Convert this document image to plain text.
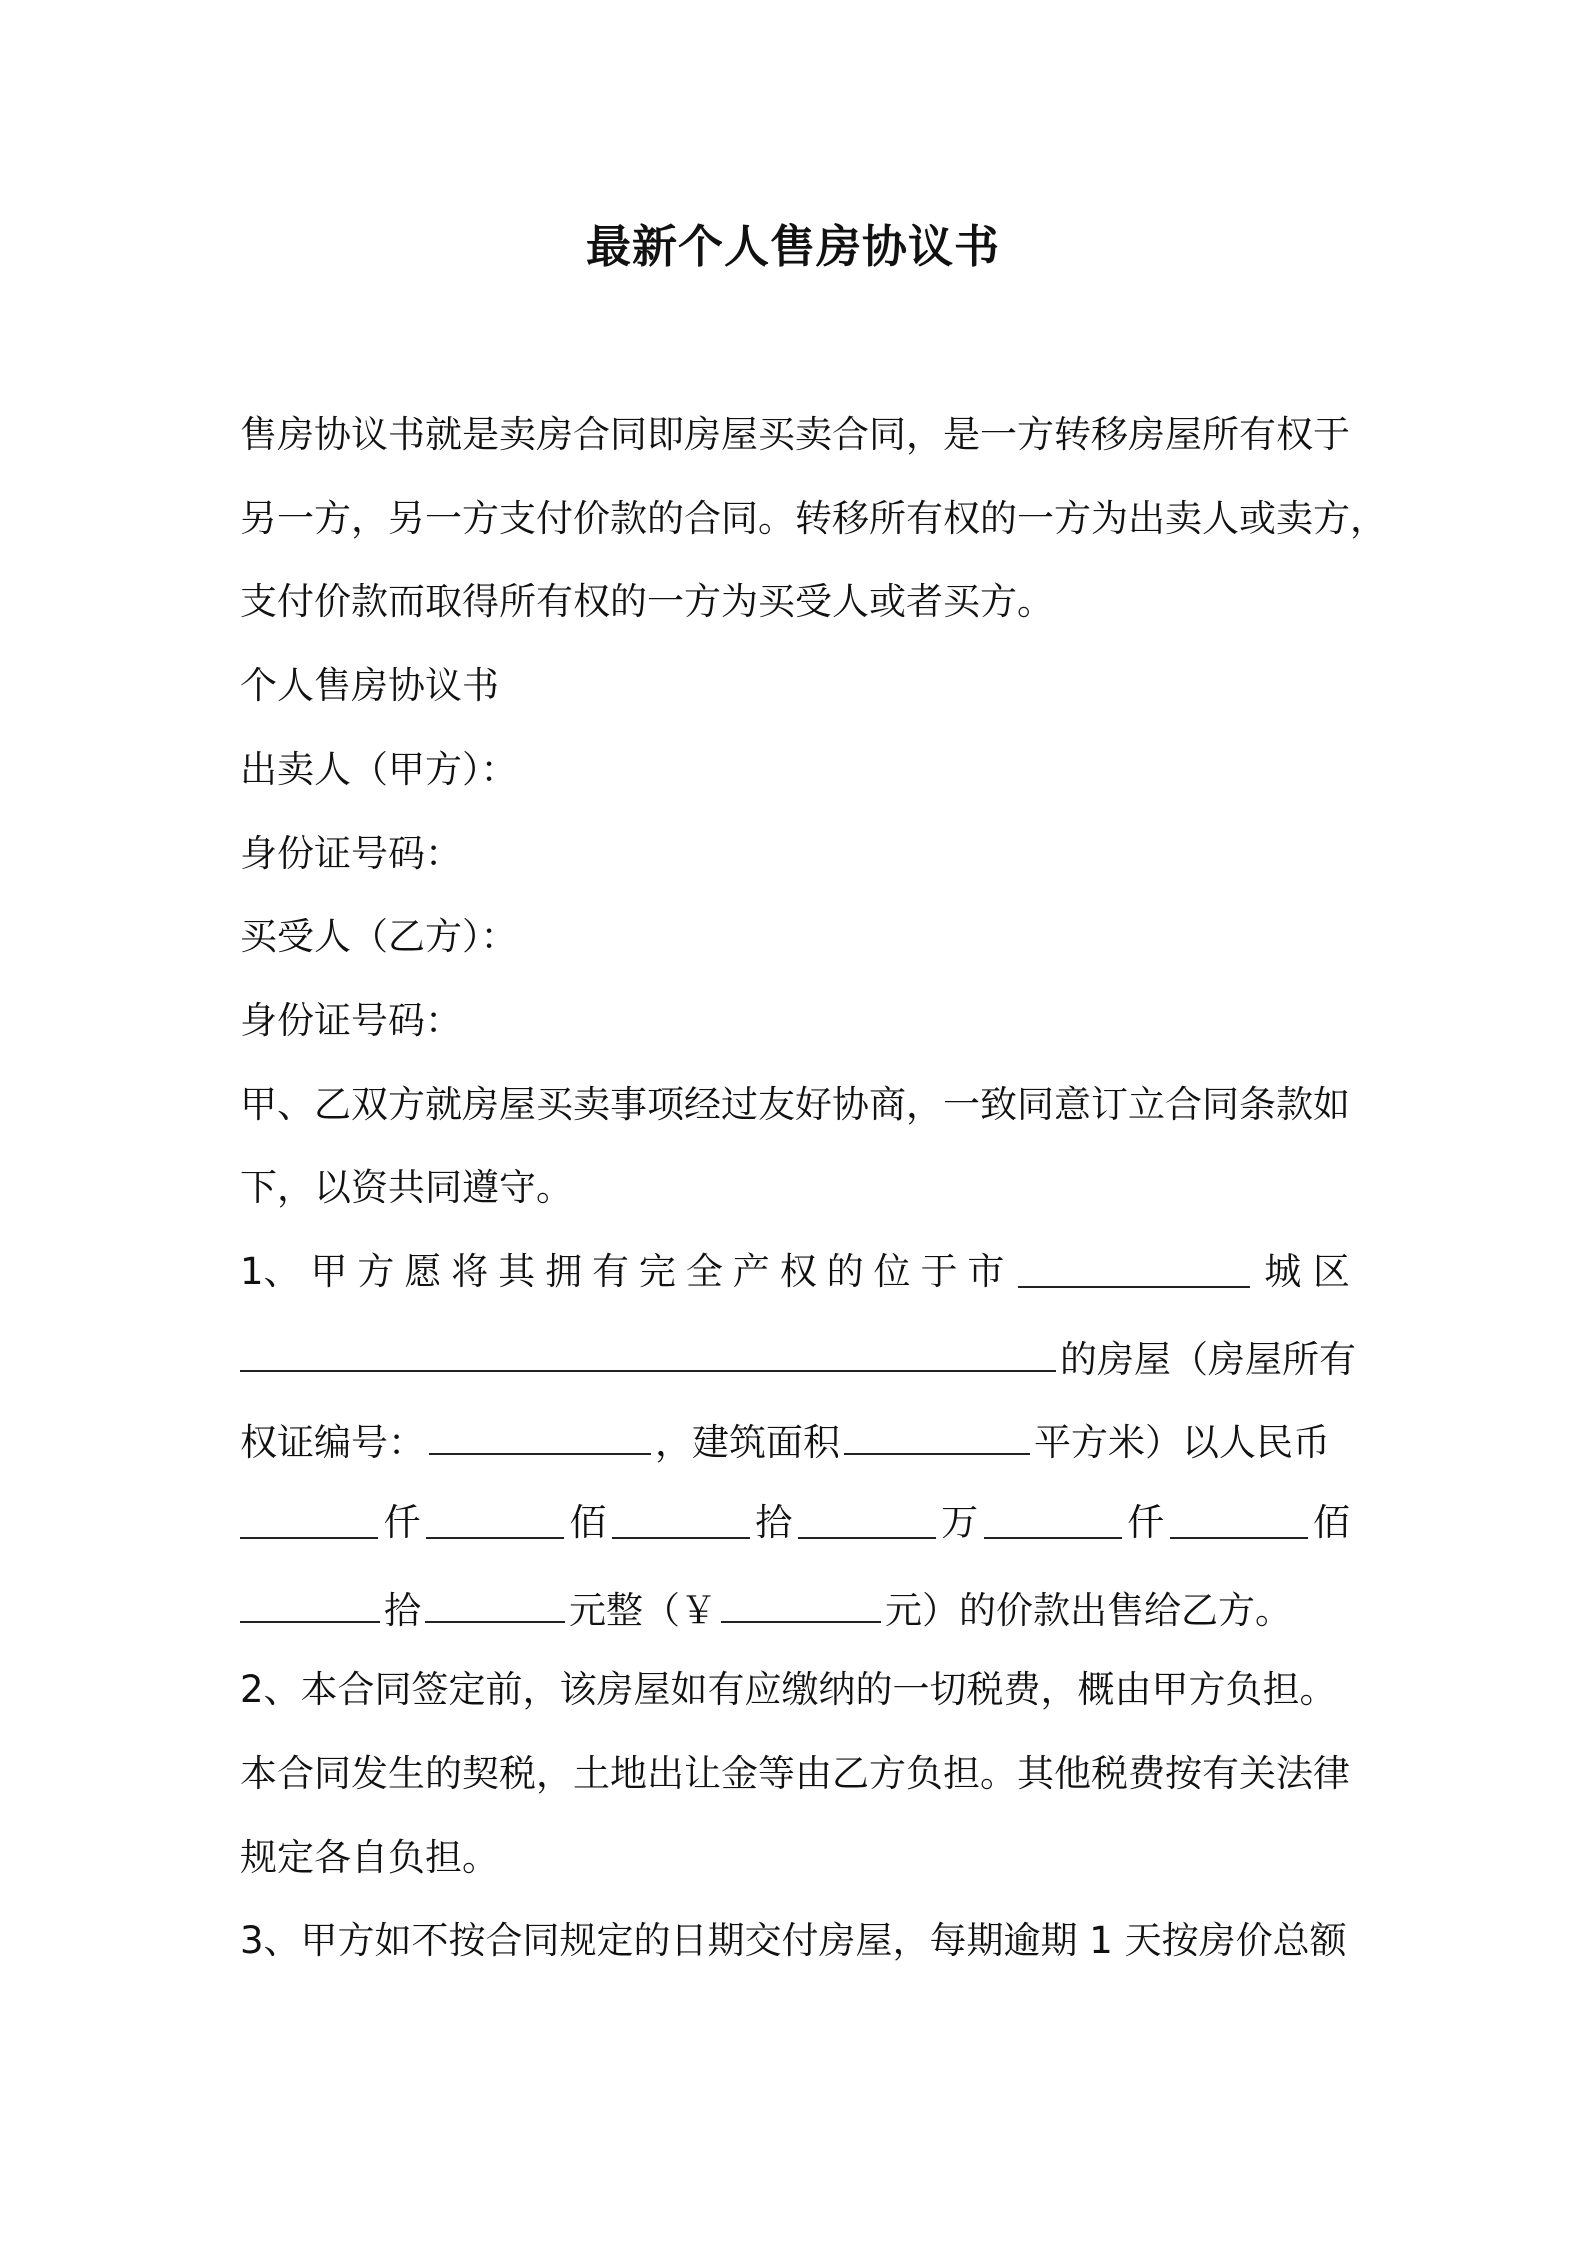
最新个人售房协议书
售房协议书就是卖房合同即房屋买卖合同，是一方转移房屋所有权于
另一方，另一方支付价款的合同。转移所有权的一方为出卖人或卖方，
支付价款而取得所有权的一方为买受人或者买方。
个人售房协议书
出卖人（甲方）：
身份证号码：
买受人（乙方）：
身份证号码：
甲、乙双方就房屋买卖事项经过友好协商，一致同意订立合同条款如
下，以资共同遵守。
1、 甲 方 愿 将 其 拥 有 完 全 产 权 的 位 于 市	城 区
的房屋（房屋所有
权证编号：	，建筑面积	平方米）以人民币
仟	佰	拾	万	仟	佰
拾	元整（￥	元）的价款出售给乙方。
2、本合同签定前，该房屋如有应缴纳的一切税费，概由甲方负担。
本合同发生的契税，土地出让金等由乙方负担。其他税费按有关法律
规定各自负担。
3、甲方如不按合同规定的日期交付房屋，每期逾期 1 天按房价总额
